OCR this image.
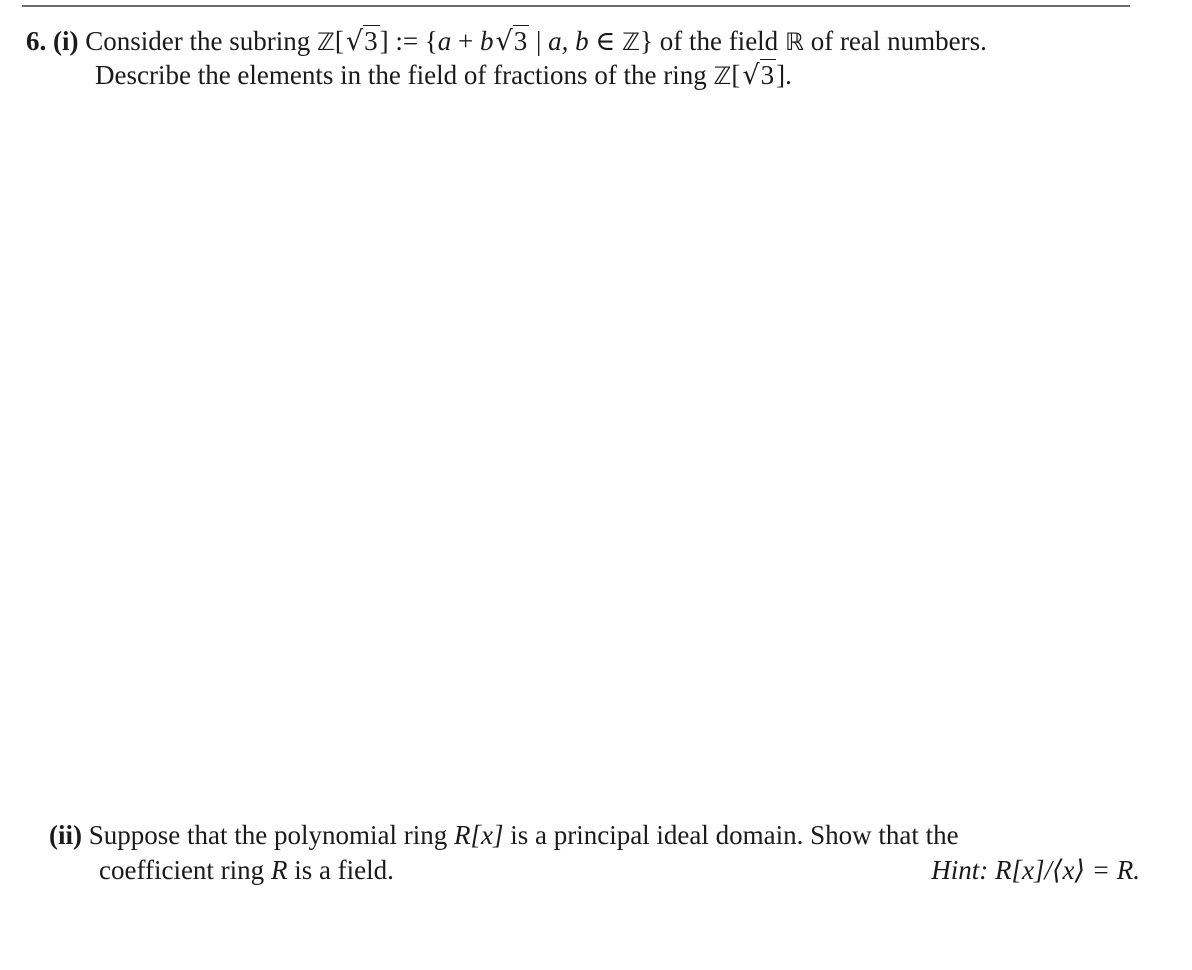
6. (i) Consider the subring ℤ[√3] := {a + b√3 | a, b ∈ ℤ} of the field ℝ of real numbers.
Describe the elements in the field of fractions of the ring ℤ[√3].
(ii) Suppose that the polynomial ring R[x] is a principal ideal domain. Show that the
coefficient ring R is a field.	Hint: R[x]/⟨x⟩ = R.
